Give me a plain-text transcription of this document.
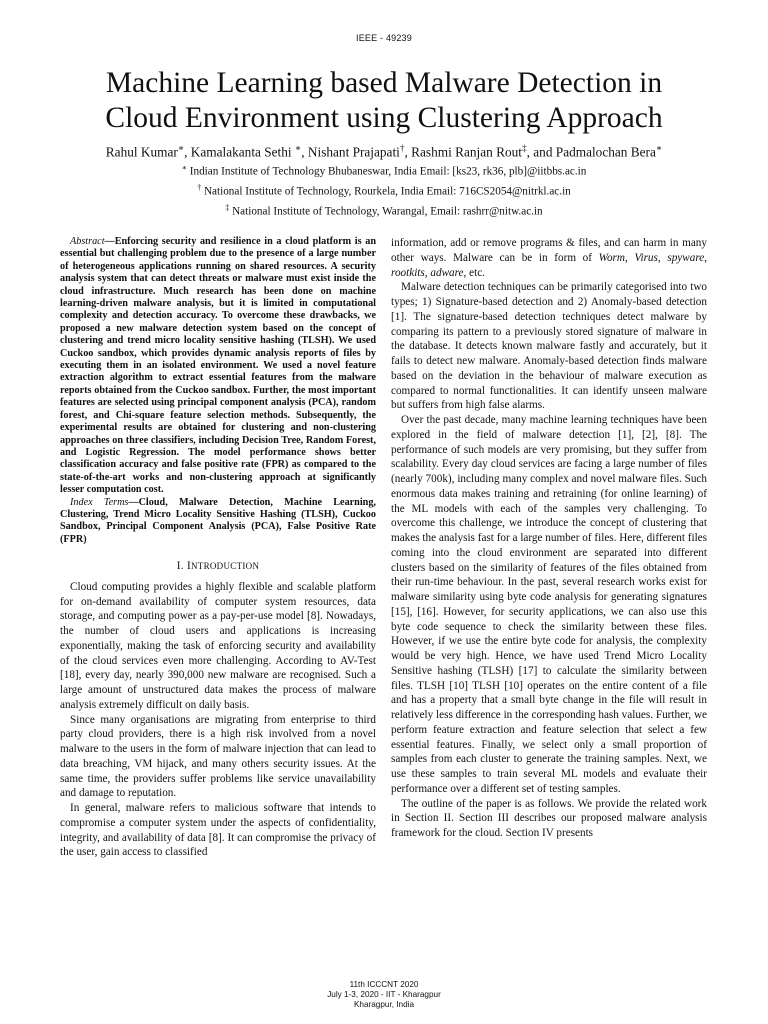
IEEE - 49239
Machine Learning based Malware Detection in
Cloud Environment using Clustering Approach
Rahul Kumar∗, Kamalakanta Sethi ∗, Nishant Prajapati†, Rashmi Ranjan Rout‡, and Padmalochan Bera∗
∗ Indian Institute of Technology Bhubaneswar, India Email: [ks23, rk36, plb]@iitbbs.ac.in
† National Institute of Technology, Rourkela, India Email: 716CS2054@nitrkl.ac.in
‡ National Institute of Technology, Warangal, Email: rashrr@nitw.ac.in

Abstract—Enforcing security and resilience in a cloud platform is an essential but challenging problem due to the presence of a large number of heterogeneous applications running on shared resources. A security analysis system that can detect threats or malware must exist inside the cloud infrastructure. Much research has been done on machine learning-driven malware analysis, but it is limited in computational complexity and detection accuracy. To overcome these drawbacks, we proposed a new malware detection system based on the concept of clustering and trend micro locality sensitive hashing (TLSH). We used Cuckoo sandbox, which provides dynamic analysis reports of files by executing them in an isolated environment. We used a novel feature extraction algorithm to extract essential features from the malware reports obtained from the Cuckoo sandbox. Further, the most important features are selected using principal component analysis (PCA), random forest, and Chi-square feature selection methods. Subsequently, the experimental results are obtained for clustering and non-clustering approaches on three classifiers, including Decision Tree, Random Forest, and Logistic Regression. The model performance shows better classification accuracy and false positive rate (FPR) as compared to the state-of-the-art works and non-clustering approach at significantly lesser computation cost.

Index Terms—Cloud, Malware Detection, Machine Learning, Clustering, Trend Micro Locality Sensitive Hashing (TLSH), Cuckoo Sandbox, Principal Component Analysis (PCA), False Positive Rate (FPR)

I. INTRODUCTION

Cloud computing provides a highly flexible and scalable platform for on-demand availability of computer system resources, data storage, and computing power as a pay-per-use model [8]. Nowadays, the number of cloud users and applications is increasing exponentially, making the task of enforcing security and availability of the cloud services even more challenging. According to AV-Test [18], every day, nearly 390,000 new malware are recognised. Such a large amount of unstructured data makes the process of malware analysis extremely difficult on daily basis.

Since many organisations are migrating from enterprise to third party cloud providers, there is a high risk involved from a novel malware to the users in the form of malware injection that can lead to data breaching, VM hijack, and many others security issues. At the same time, the providers suffer problems like service unavailability and damage to reputation.

In general, malware refers to malicious software that intends to compromise a computer system under the aspects of confidentiality, integrity, and availability of data [8]. It can compromise the privacy of the user, gain access to classified

information, add or remove programs & files, and can harm in many other ways. Malware can be in form of Worm, Virus, spyware, rootkits, adware, etc.

Malware detection techniques can be primarily categorised into two types; 1) Signature-based detection and 2) Anomaly-based detection [1]. The signature-based detection techniques detect malware by comparing its pattern to a previously stored signature of malware in the database. It detects known malware fastly and accurately, but it fails to detect new malware. Anomaly-based detection finds malware based on the deviation in the behaviour of malware execution as compared to normal functionalities. It can identify unseen malware but suffers from high false alarms.

Over the past decade, many machine learning techniques have been explored in the field of malware detection [1], [2], [8]. The performance of such models are very promising, but they suffer from scalability. Every day cloud services are facing a large number of files (nearly 700k), including many complex and novel malware files. Such enormous data makes training and retraining (for online learning) of the ML models with each of the samples very challenging. To overcome this challenge, we introduce the concept of clustering that makes the analysis fast for a large number of files. Here, different files coming into the cloud environment are separated into different clusters based on the similarity of features of the files obtained from their run-time behaviour. In the past, several research works exist for malware similarity using byte code analysis for generating signatures [15], [16]. However, for security applications, we can also use this byte code sequence to check the similarity between these files. However, if we use the entire byte code for analysis, the complexity would be very high. Hence, we have used Trend Micro Locality Sensitive hashing (TLSH) [17] to calculate the similarity between files. TLSH [10] TLSH [10] operates on the entire content of a file and has a property that a small byte change in the file will result in relatively less difference in the corresponding hash values. Further, we perform feature extraction and feature selection that select a few essential features. Finally, we select only a small proportion of samples from each cluster to generate the training samples. Next, we use these samples to train several ML models and evaluate their performance over a different set of testing samples.

The outline of the paper is as follows. We provide the related work in Section II. Section III describes our proposed malware analysis framework for the cloud. Section IV presents

11th ICCCNT 2020
July 1-3, 2020 - IIT - Kharagpur
Kharagpur, India
